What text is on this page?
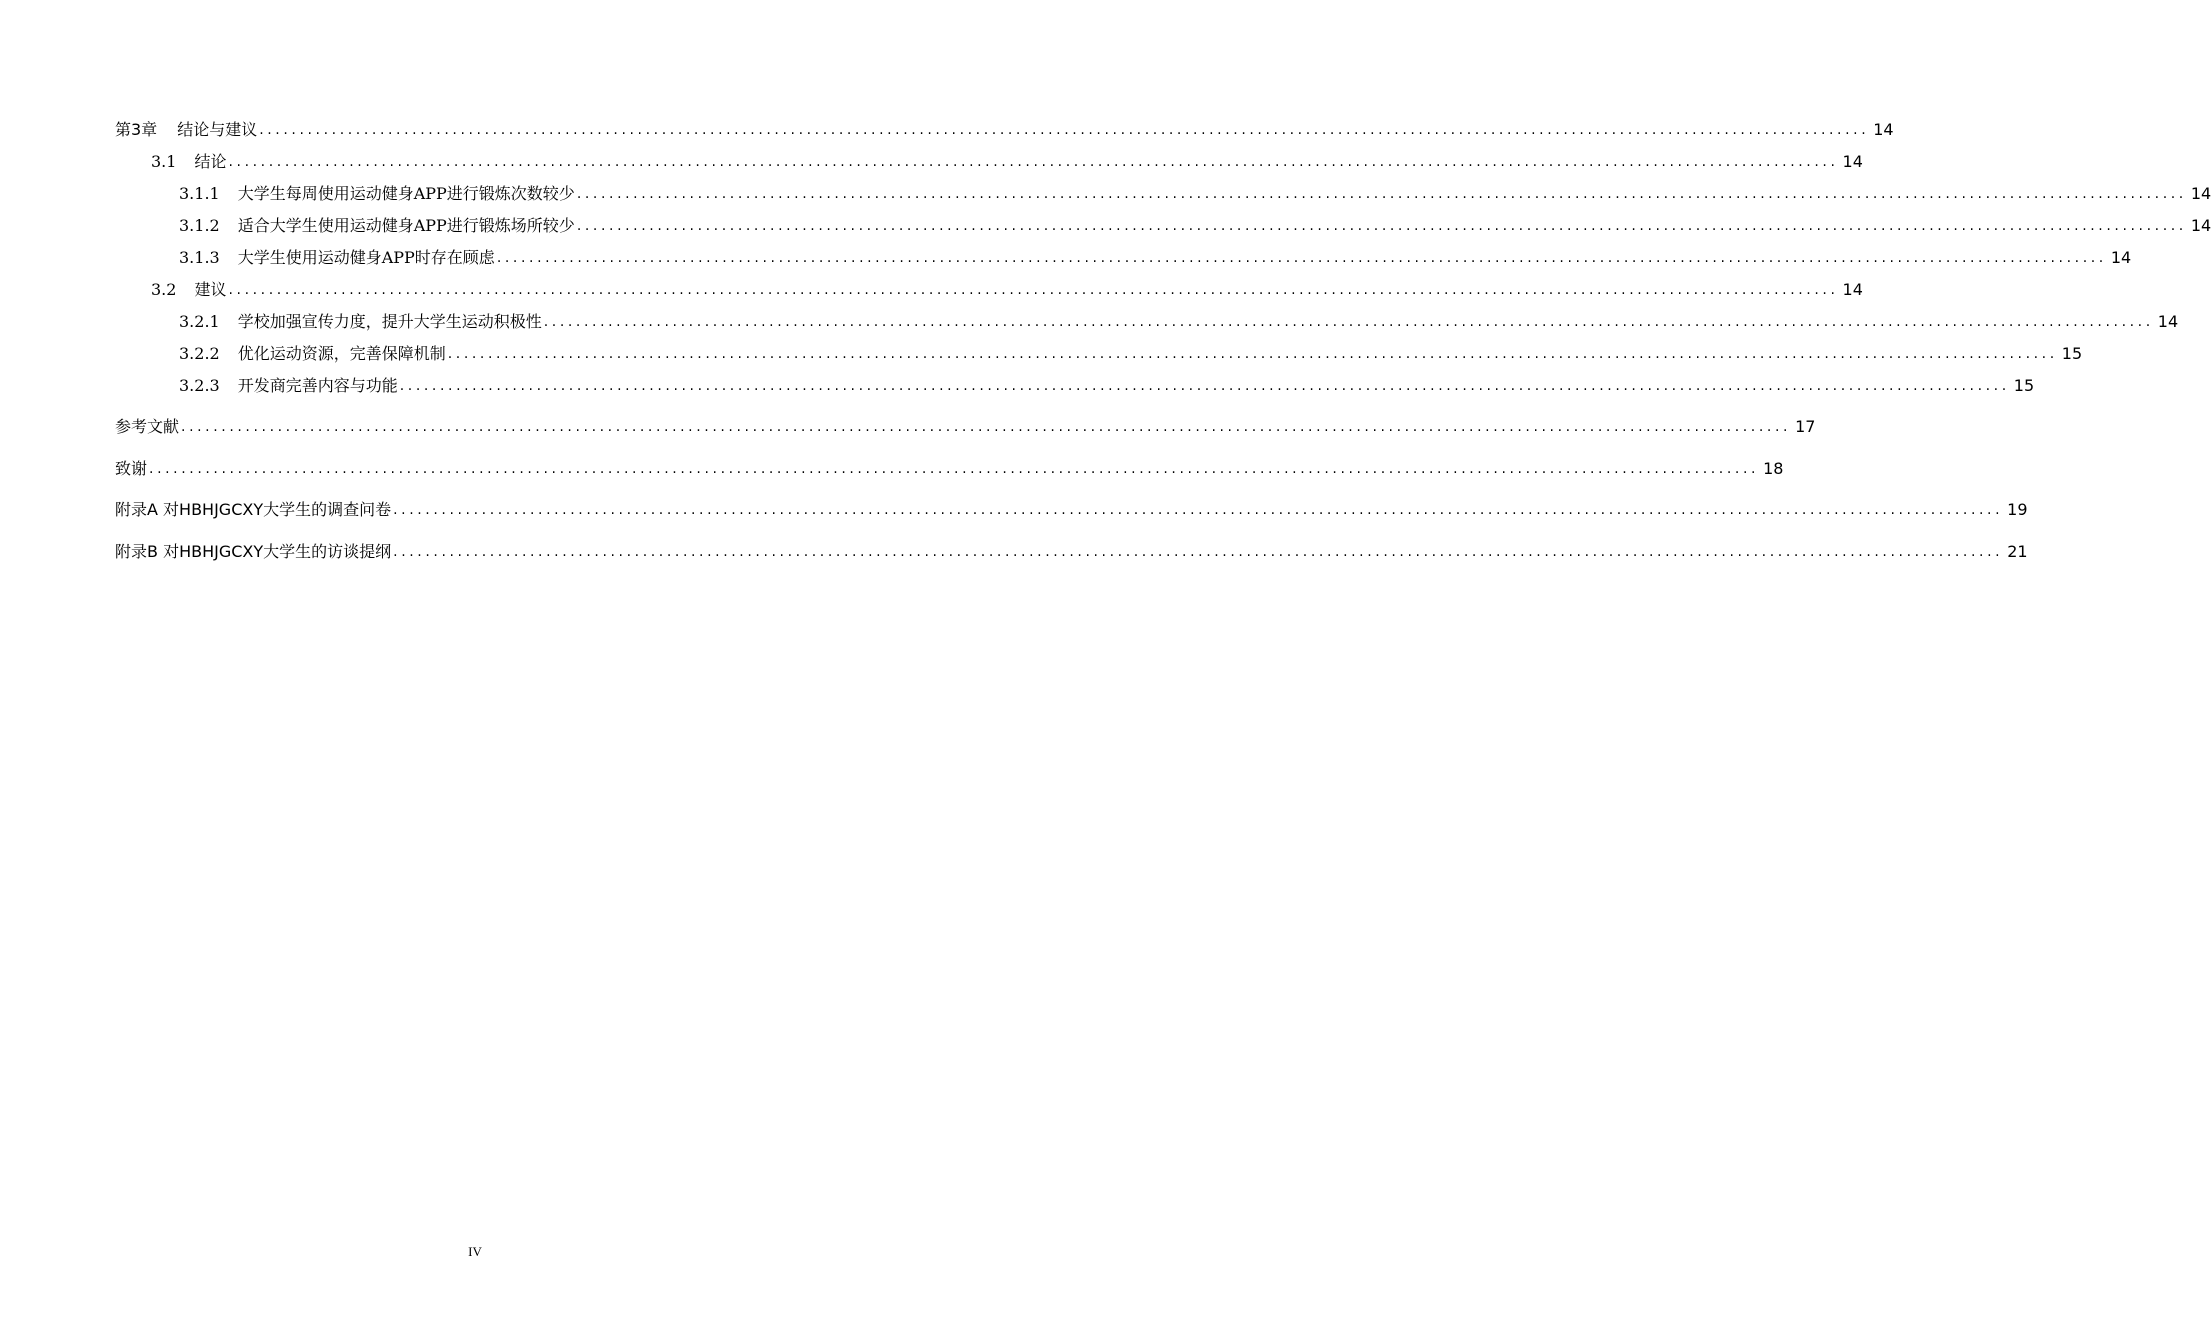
第3章 结论与建议 ........................................................................................................................................................................................................ 14
3.1 结论 ........................................................................................................................................................................................................ 14
3.1.1 大学生每周使用运动健身APP进行锻炼次数较少 ........................................................................................................................................................................................................ 14
3.1.2 适合大学生使用运动健身APP进行锻炼场所较少 ........................................................................................................................................................................................................ 14
3.1.3 大学生使用运动健身APP时存在顾虑 ........................................................................................................................................................................................................ 14
3.2 建议 ........................................................................................................................................................................................................ 14
3.2.1 学校加强宣传力度，提升大学生运动积极性 ........................................................................................................................................................................................................ 14
3.2.2 优化运动资源，完善保障机制 ........................................................................................................................................................................................................ 15
3.2.3 开发商完善内容与功能 ........................................................................................................................................................................................................ 15
参考文献 ........................................................................................................................................................................................................ 17
致谢 ........................................................................................................................................................................................................ 18
附录A 对HBHJGCXY大学生的调查问卷 ........................................................................................................................................................................................................ 19
附录B 对HBHJGCXY大学生的访谈提纲 ........................................................................................................................................................................................................ 21
IV
